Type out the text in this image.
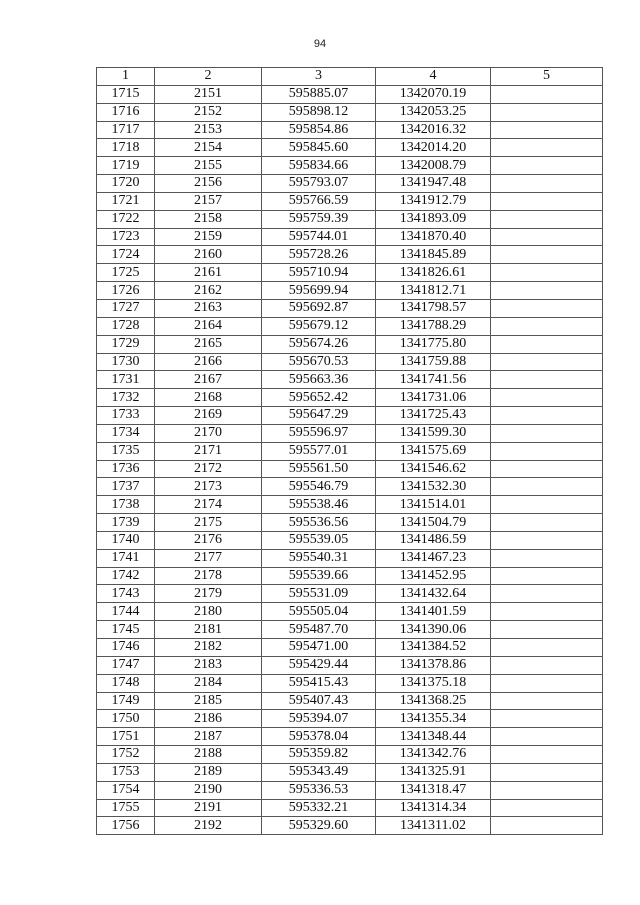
94
1	2	3	4	5
1715	2151	595885.07	1342070.19	
1716	2152	595898.12	1342053.25	
1717	2153	595854.86	1342016.32	
1718	2154	595845.60	1342014.20	
1719	2155	595834.66	1342008.79	
1720	2156	595793.07	1341947.48	
1721	2157	595766.59	1341912.79	
1722	2158	595759.39	1341893.09	
1723	2159	595744.01	1341870.40	
1724	2160	595728.26	1341845.89	
1725	2161	595710.94	1341826.61	
1726	2162	595699.94	1341812.71	
1727	2163	595692.87	1341798.57	
1728	2164	595679.12	1341788.29	
1729	2165	595674.26	1341775.80	
1730	2166	595670.53	1341759.88	
1731	2167	595663.36	1341741.56	
1732	2168	595652.42	1341731.06	
1733	2169	595647.29	1341725.43	
1734	2170	595596.97	1341599.30	
1735	2171	595577.01	1341575.69	
1736	2172	595561.50	1341546.62	
1737	2173	595546.79	1341532.30	
1738	2174	595538.46	1341514.01	
1739	2175	595536.56	1341504.79	
1740	2176	595539.05	1341486.59	
1741	2177	595540.31	1341467.23	
1742	2178	595539.66	1341452.95	
1743	2179	595531.09	1341432.64	
1744	2180	595505.04	1341401.59	
1745	2181	595487.70	1341390.06	
1746	2182	595471.00	1341384.52	
1747	2183	595429.44	1341378.86	
1748	2184	595415.43	1341375.18	
1749	2185	595407.43	1341368.25	
1750	2186	595394.07	1341355.34	
1751	2187	595378.04	1341348.44	
1752	2188	595359.82	1341342.76	
1753	2189	595343.49	1341325.91	
1754	2190	595336.53	1341318.47	
1755	2191	595332.21	1341314.34	
1756	2192	595329.60	1341311.02	
